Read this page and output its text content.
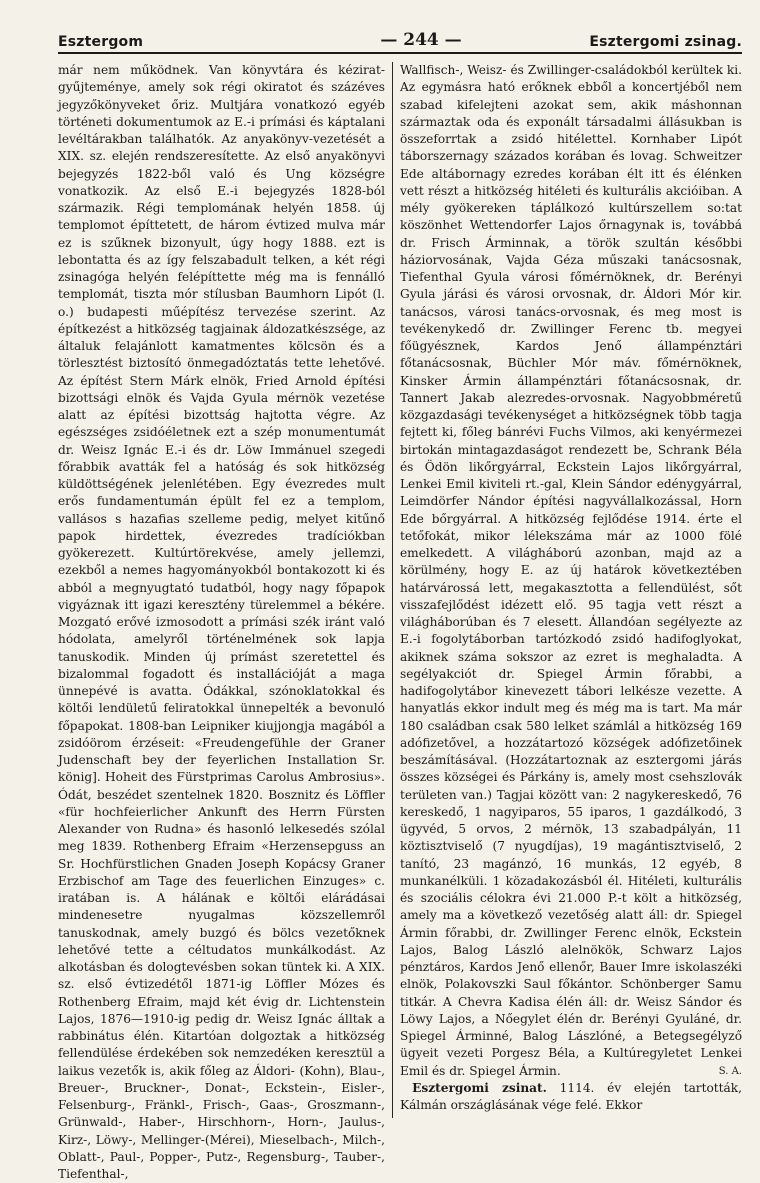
Esztergom	— 244 —	Esztergomi zsinag.

már nem működnek. Van könyvtára és kézirat-gyűjteménye, amely sok régi okiratot és százéves jegyzőkönyveket őriz. Multjára vonatkozó egyéb történeti dokumentumok az E.-i prímási és káptalani levéltárakban találhatók. Az anyakönyv-vezetését a XIX. sz. elején rendszeresítette. Az első anyakönyvi bejegyzés 1822-ből való és Ung községre vonatkozik. Az első E.-i bejegyzés 1828-ból származik. Régi templomának helyén 1858. új templomot építtetett, de három évtized mulva már ez is szűknek bizonyult, úgy hogy 1888. ezt is lebontatta és az így felszabadult telken, a két régi zsinagóga helyén felépíttette még ma is fennálló templomát, tiszta mór stílusban Baumhorn Lipót (l. o.) budapesti műépítész tervezése szerint. Az építkezést a hitközség tagjainak áldozatkészsége, az általuk felajánlott kamatmentes kölcsön és a törlesztést biztosító önmegadóztatás tette lehetővé. Az építést Stern Márk elnök, Fried Arnold építési bizottsági elnök és Vajda Gyula mérnök vezetése alatt az építési bizottság hajtotta végre. Az egészséges zsidóéletnek ezt a szép monumentumát dr. Weisz Ignác E.-i és dr. Löw Immánuel szegedi főrabbik avatták fel a hatóság és sok hitközség küldöttségének jelenlétében. Egy évezredes mult erős fundamentumán épült fel ez a templom, vallásos s hazafias szelleme pedig, melyet kitűnő papok hirdettek, évezredes tradíciókban gyökerezett. Kultúrtörekvése, amely jellemzi, ezekből a nemes hagyományokból bontakozott ki és abból a megnyugtató tudatból, hogy nagy főpapok vigyáznak itt igazi keresztény türelemmel a békére. Mozgató erővé izmosodott a prímási szék iránt való hódolata, amelyről történelmének sok lapja tanuskodik. Minden új prímást szeretettel és bizalommal fogadott és installációját a maga ünnepévé is avatta. Ódákkal, szónoklatokkal és költői lendületű feliratokkal ünnepelték a bevonuló főpapokat. 1808-ban Leipniker kiujjongja magából a zsidóörom érzéseit: «Freudengefühle der Graner Judenschaft bey der feyerlichen Installation Sr. könig]. Hoheit des Fürstprimas Carolus Ambrosius». Ódát, beszédet szentelnek 1820. Bosznitz és Löffler «für hochfeierlicher Ankunft des Herrn Fürsten Alexander von Rudna» és hasonló lelkesedés szólal meg 1839. Rothenberg Efraim «Herzensерguss an Sr. Hochfürstlichen Gnaden Joseph Kopácsy Graner Erzbischof am Tage des feuerlichen Einzuges» c. iratában is. A hálának e költői elárádásai mindenesetre nyugalmas közszellemről tanuskodnak, amely buzgó és bölcs vezetőknek lehetővé tette a céltudatos munkálkodást. Az alkotásban és dologtevésben sokan tüntek ki. A XIX. sz. első évtizedétől 1871-ig Löffler Mózes és Rothenberg Efraim, majd két évig dr. Lichtenstein Lajos, 1876—1910-ig pedig dr. Weisz Ignác álltak a rabbinátus élén. Kitartóan dolgoztak a hitközség fellendülése érdekében sok nemzedéken keresztül a laikus vezetők is, akik főleg az Áldori- (Kohn), Blau-, Breuer-, Bruckner-, Donat-, Eckstein-, Eisler-, Felsenburg-, Fränkl-, Frisch-, Gaas-, Groszmann-, Grünwald-, Haber-, Hirschhorn-, Horn-, Jaulus-, Kirz-, Löwy-, Mellinger-(Mérei), Mieselbach-, Milch-, Oblatt-, Paul-, Popper-, Putz-, Regensburg-, Tauber-, Tiefenthal-,

Wallfisch-, Weisz- és Zwillinger-családokból kerültek ki. Az egymásra ható erőknek ebből a koncertjéből nem szabad kifelejteni azokat sem, akik máshonnan származtak oda és exponált társadalmi állásukban is összeforrtak a zsidó hitélettel. Kornhaber Lipót táborszernagy százados korában és lovag. Schweitzer Ede altábornagy ezredes korában élt itt és élénken vett részt a hitközség hitéleti és kulturális akcióiban. A mély gyökereken táplálkozó kultúrszellem so:tat köszönhet Wettendorfer Lajos őrnagynak is, továbbá dr. Frisch Árminnak, a török szultán későbbi háziorvosának, Vajda Géza műszaki tanácsosnak, Tiefenthal Gyula városi főmérnöknek, dr. Berényi Gyula járási és városi orvosnak, dr. Áldori Mór kir. tanácsos, városi tanács-orvosnak, és meg most is tevékenykedő dr. Zwillinger Ferenc tb. megyei főügyésznek, Kardos Jenő állampénztári főtanácsosnak, Büchler Mór máv. főmérnöknek, Kinsker Ármin állampénztári főtanácsosnak, dr. Tannert Jakab alezredes-orvosnak. Nagyobbméretű közgazdasági tevékenységet a hitközségnek több tagja fejtett ki, főleg bánrévi Fuchs Vilmos, aki kenyérmezei birtokán mintagazdaságot rendezett be, Schrank Béla és Ödön likőrgyárral, Eckstein Lajos likőrgyárral, Lenkei Emil kiviteli rt.-gal, Klein Sándor edénygyárral, Leimdörfer Nándor építési nagyvállalkozással, Horn Ede bőrgyárral. A hitközség fejlődése 1914. érte el tetőfokát, mikor lélekszáma már az 1000 fölé emelkedett. A világháború azonban, majd az a körülmény, hogy E. az új határok következtében határvárossá lett, megakasztotta a fellendülést, sőt visszafejlődést idézett elő. 95 tagja vett részt a világháborúban és 7 elesett. Állandóan segélyezte az E.-i fogolytáborban tartózkodó zsidó hadifoglyokat, akiknek száma sokszor az ezret is meghaladta. A segélyakciót dr. Spiegel Ármin főrabbi, a hadifogolytábor kinevezett tábori lelkésze vezette. A hanyatlás ekkor indult meg és még ma is tart. Ma már 180 családban csak 580 lelket számlál a hitközség 169 adófizetővel, a hozzátartozó községek adófizetőinek beszámításával. (Hozzátartoznak az esztergomi járás összes községei és Párkány is, amely most csehszlovák területen van.) Tagjai között van: 2 nagykereskedő, 76 kereskedő, 1 nagyiparos, 55 iparos, 1 gazdálkodó, 3 ügyvéd, 5 orvos, 2 mérnök, 13 szabadpályán, 11 köztisztviselő (7 nyugdíjas), 19 magántisztviselő, 2 tanító, 23 magánzó, 16 munkás, 12 egyéb, 8 munkanélküli. 1 közadakozásból él. Hitéleti, kulturális és szociális célokra évi 21.000 P.-t költ a hitközség, amely ma a következő vezetőség alatt áll: dr. Spiegel Ármin főrabbi, dr. Zwillinger Ferenc elnök, Eckstein Lajos, Balog László alelnökök, Schwarz Lajos pénztáros, Kardos Jenő ellenőr, Bauer Imre iskolaszéki elnök, Polakovszki Saul főkántor. Schönberger Samu titkár. A Chevra Kadisa élén áll: dr. Weisz Sándor és Löwy Lajos, a Nőegylet élén dr. Berényi Gyuláné, dr. Spiegel Árminné, Balog Lászlóné, a Betegsegélyző ügyeit vezeti Porgesz Béla, a Kultúregyletet Lenkei Emil és dr. Spiegel Ármin.	S. A.

 Esztergomi zsinat. 1114. év elején tartották, Kálmán országlásának vége felé. Ekkor
